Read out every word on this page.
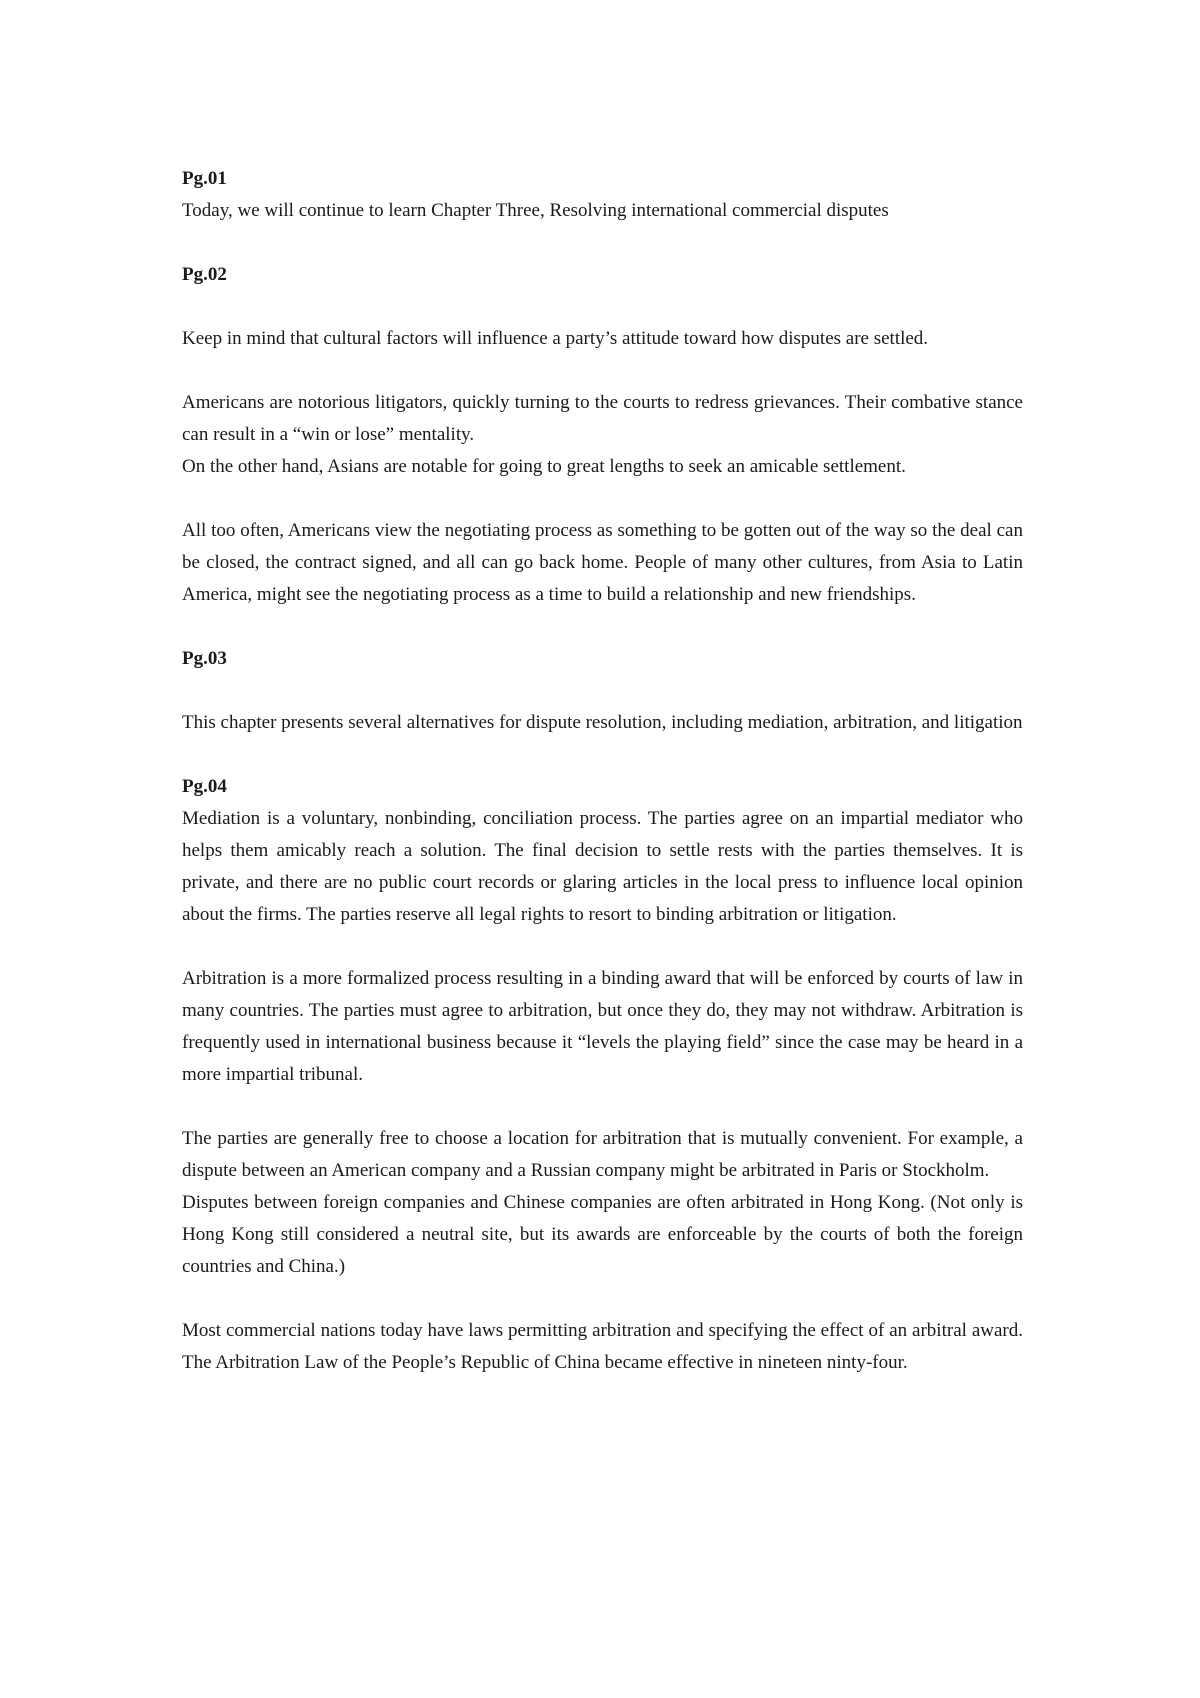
Pg.01

Today, we will continue to learn Chapter Three, Resolving international commercial disputes

Pg.02

Keep in mind that cultural factors will influence a party’s attitude toward how disputes are settled.

Americans are notorious litigators, quickly turning to the courts to redress grievances. Their combative stance can result in a “win or lose” mentality.

On the other hand, Asians are notable for going to great lengths to seek an amicable settlement.

All too often, Americans view the negotiating process as something to be gotten out of the way so the deal can be closed, the contract signed, and all can go back home. People of many other cultures, from Asia to Latin America, might see the negotiating process as a time to build a relationship and new friendships.

Pg.03

This chapter presents several alternatives for dispute resolution, including mediation, arbitration, and litigation

Pg.04

Mediation is a voluntary, nonbinding, conciliation process. The parties agree on an impartial mediator who helps them amicably reach a solution. The final decision to settle rests with the parties themselves. It is private, and there are no public court records or glaring articles in the local press to influence local opinion about the firms. The parties reserve all legal rights to resort to binding arbitration or litigation.

Arbitration is a more formalized process resulting in a binding award that will be enforced by courts of law in many countries. The parties must agree to arbitration, but once they do, they may not withdraw. Arbitration is frequently used in international business because it “levels the playing field” since the case may be heard in a more impartial tribunal.

The parties are generally free to choose a location for arbitration that is mutually convenient. For example, a dispute between an American company and a Russian company might be arbitrated in Paris or Stockholm.

Disputes between foreign companies and Chinese companies are often arbitrated in Hong Kong. (Not only is Hong Kong still considered a neutral site, but its awards are enforceable by the courts of both the foreign countries and China.)

Most commercial nations today have laws permitting arbitration and specifying the effect of an arbitral award. The Arbitration Law of the People’s Republic of China became effective in nineteen ninty-four.
